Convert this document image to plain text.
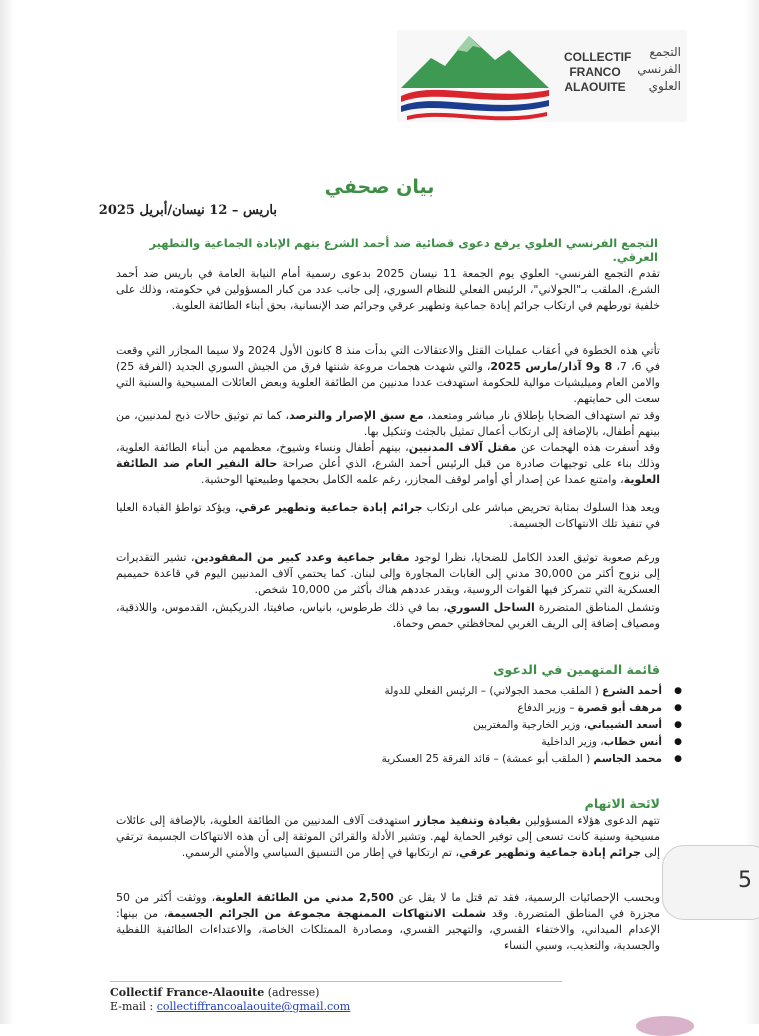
COLLECTIF
FRANCO
ALAOUITE
التجمع
الفرنسي
العلوي
بيان صحفي
باريس – 12 نيسان/أبريل 2025
التجمع الفرنسي العلوي يرفع دعوى قضائية ضد أحمد الشرع بتهم الإبادة الجماعية والتطهير العرقي.
تقدم التجمع الفرنسي- العلوي يوم الجمعة 11 نيسان 2025 بدعوى رسمية أمام النيابة العامة في باريس ضد أحمد الشرع، الملقب بـ"الجولاني"، الرئيس الفعلي للنظام السوري، إلى جانب عدد من كبار المسؤولين في حكومته، وذلك على خلفية تورطهم في ارتكاب جرائم إبادة جماعية وتطهير عرقي وجرائم ضد الإنسانية، بحق أبناء الطائفة العلوية.
تأتي هذه الخطوة في أعقاب عمليات القتل والاعتقالات التي بدأت منذ 8 كانون الأول 2024 ولا سيما المجازر التي وقعت في 6، 7، 8 و9 آذار/مارس 2025، والتي شهدت هجمات مروعة شنتها فرق من الجيش السوري الجديد (الفرقة 25) والامن العام وميليشيات موالية للحكومة استهدفت عددا مدنيين من الطائفة العلوية وبعض العائلات المسيحية والسنية التي سعت الى حمايتهم.
وقد تم استهداف الضحايا بإطلاق نار مباشر ومتعمد، مع سبق الإصرار والترصد، كما تم توثيق حالات ذبح لمدنيين، من بينهم أطفال، بالإضافة إلى ارتكاب أعمال تمثيل بالجثث وتنكيل بها.
وقد أسفرت هذه الهجمات عن مقتل آلاف المدنيين، بينهم أطفال ونساء وشيوخ، معظمهم من أبناء الطائفة العلوية، وذلك بناء على توجيهات صادرة من قبل الرئيس أحمد الشرع، الذي أعلن صراحة حالة النفير العام ضد الطائفة العلوية، وامتنع عمدا عن إصدار أي أوامر لوقف المجازر، رغم علمه الكامل بحجمها وطبيعتها الوحشية.
ويعد هذا السلوك بمثابة تحريض مباشر على ارتكاب جرائم إبادة جماعية وتطهير عرقي، ويؤكد تواطؤ القيادة العليا في تنفيذ تلك الانتهاكات الجسيمة.
ورغم صعوبة توثيق العدد الكامل للضحايا، نظرا لوجود مقابر جماعية وعدد كبير من المفقودين، تشير التقديرات إلى نزوح أكثر من 30,000 مدني إلى الغابات المجاورة وإلى لبنان. كما يحتمي آلاف المدنيين اليوم في قاعدة حميميم العسكرية التي تتمركز فيها القوات الروسية، ويقدر عددهم هناك بأكثر من 10,000 شخص.
وتشمل المناطق المتضررة الساحل السوري، بما في ذلك طرطوس، بانياس، صافيتا، الدريكيش، القدموس، واللاذقية، ومصياف إضافة إلى الريف الغربي لمحافظتي حمص وحماة.
قائمة المتهمين في الدعوى
● أحمد الشرع ( الملقب محمد الجولاني) – الرئيس الفعلي للدولة
● مرهف أبو قصرة – وزير الدفاع
● أسعد الشيباني، وزير الخارجية والمغتربين
● أنس خطاب، وزير الداخلية
● محمد الجاسم ( الملقب أبو عمشة) – قائد الفرقة 25 العسكرية
لائحة الاتهام
تتهم الدعوى هؤلاء المسؤولين بقيادة وتنفيذ مجازر استهدفت آلاف المدنيين من الطائفة العلوية، بالإضافة إلى عائلات مسيحية وسنية كانت تسعى إلى توفير الحماية لهم. وتشير الأدلة والقرائن الموثقة إلى أن هذه الانتهاكات الجسيمة ترتقي إلى جرائم إبادة جماعية وتطهير عرقي، تم ارتكابها في إطار من التنسيق السياسي والأمني الرسمي.
وبحسب الإحصائيات الرسمية، فقد تم قتل ما لا يقل عن 2,500 مدني من الطائفة العلوية، ووثقت أكثر من 50 مجزرة في المناطق المتضررة. وقد شملت الانتهاكات الممنهجة مجموعة من الجرائم الجسيمة، من بينها: الإعدام الميداني، والاختفاء القسري، والتهجير القسري، ومصادرة الممتلكات الخاصة، والاعتداءات الطائفية اللفظية والجسدية، والتعذيب، وسبي النساء
5
Collectif France-Alaouite (adresse)
E-mail : collectiffrancoalaouite@gmail.com
